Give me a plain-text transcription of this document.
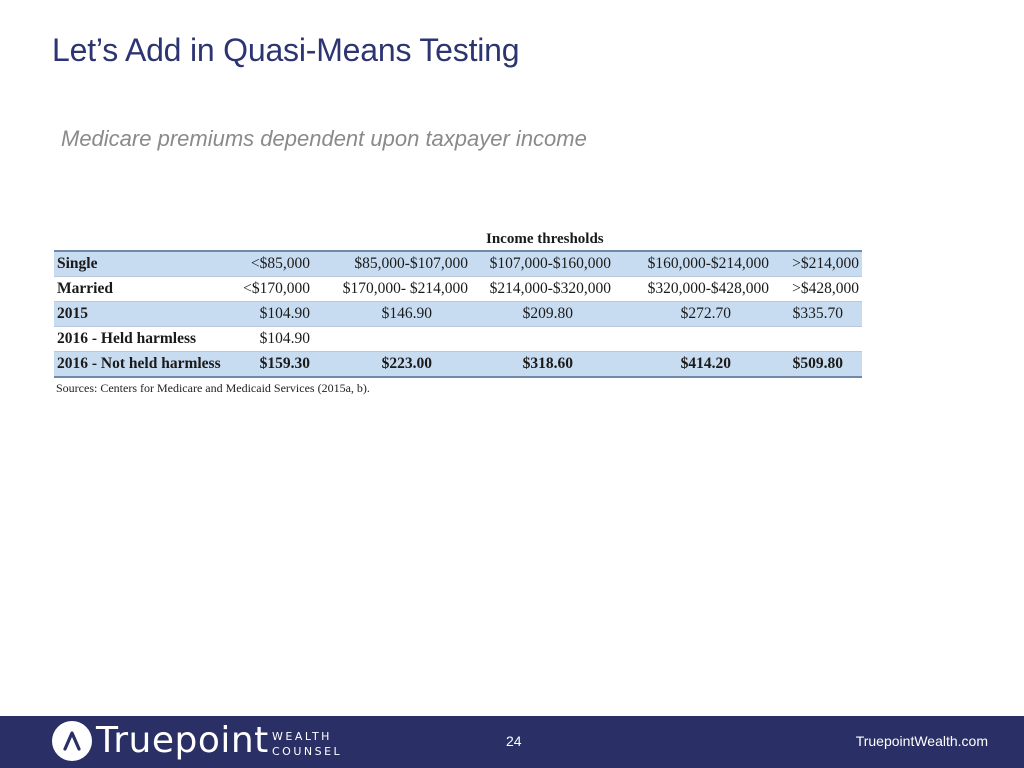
Let’s Add in Quasi-Means Testing
Medicare premiums dependent upon taxpayer income
Income thresholds
Single	<$85,000	$85,000-$107,000	$107,000-$160,000	$160,000-$214,000	>$214,000
Married	<$170,000	$170,000- $214,000	$214,000-$320,000	$320,000-$428,000	>$428,000
2015	$104.90	$146.90	$209.80	$272.70	$335.70
2016 - Held harmless	$104.90
2016 - Not held harmless	$159.30	$223.00	$318.60	$414.20	$509.80
Sources: Centers for Medicare and Medicaid Services (2015a, b).
Truepoint WEALTH
COUNSEL
24	TruepointWealth.com
